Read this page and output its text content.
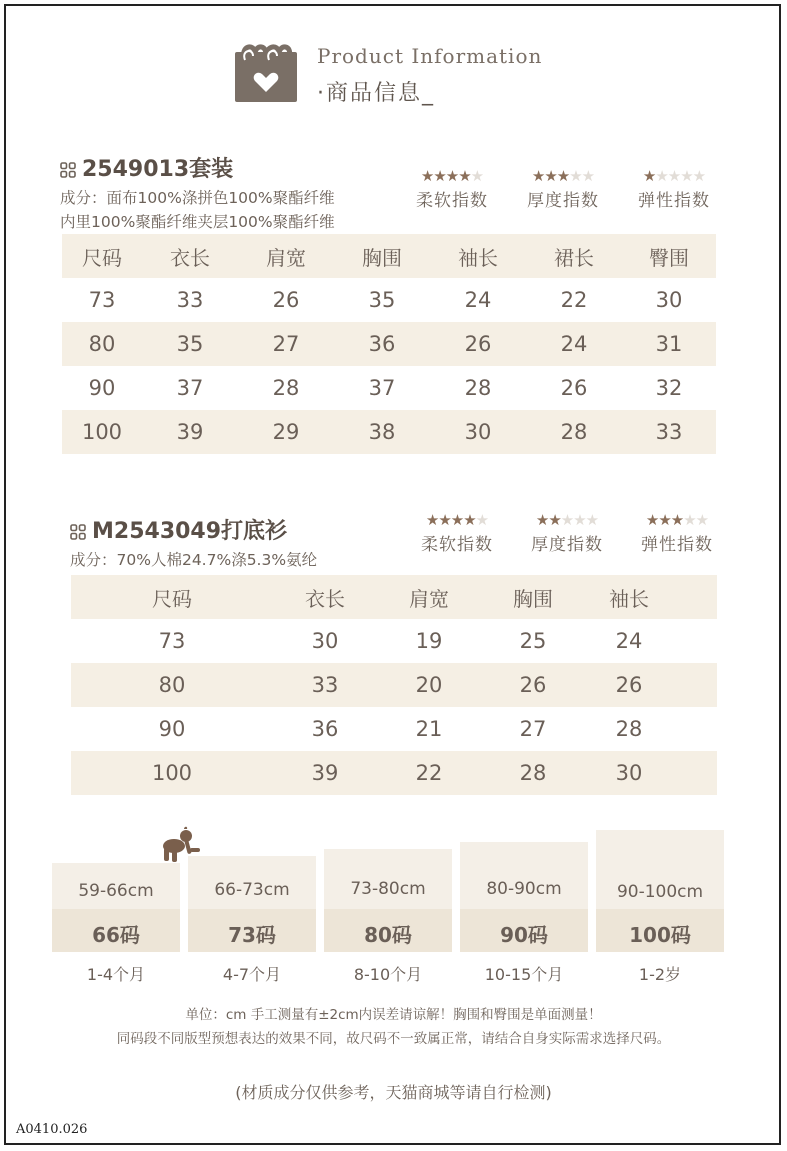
Product Information
·商品信息_
2549013套装
成分：面布100%涤拼色100%聚酯纤维
内里100%聚酯纤维夹层100%聚酯纤维
★★★★★
柔软指数
★★★★★
厚度指数
★★★★★
弹性指数
尺码	衣长	肩宽	胸围	袖长	裙长	臀围
73	33	26	35	24	22	30
80	35	27	36	26	24	31
90	37	28	37	28	26	32
100	39	29	38	30	28	33
M2543049打底衫
成分：70%人棉24.7%涤5.3%氨纶
★★★★★
柔软指数
★★★★★
厚度指数
★★★★★
弹性指数
尺码	衣长	肩宽	胸围	袖长	
73	30	19	25	24	
80	33	20	26	26	
90	36	21	27	28	
100	39	22	28	30	
59-66cm
66码
66-73cm
73码
73-80cm
80码
80-90cm
90码
90-100cm
100码
1-4个月	4-7个月	8-10个月	10-15个月	1-2岁
单位：cm 手工测量有±2cm内误差请谅解！胸围和臀围是单面测量！
同码段不同版型预想表达的效果不同，故尺码不一致属正常，请结合自身实际需求选择尺码。
(材质成分仅供参考，天猫商城等请自行检测)
A0410.026
